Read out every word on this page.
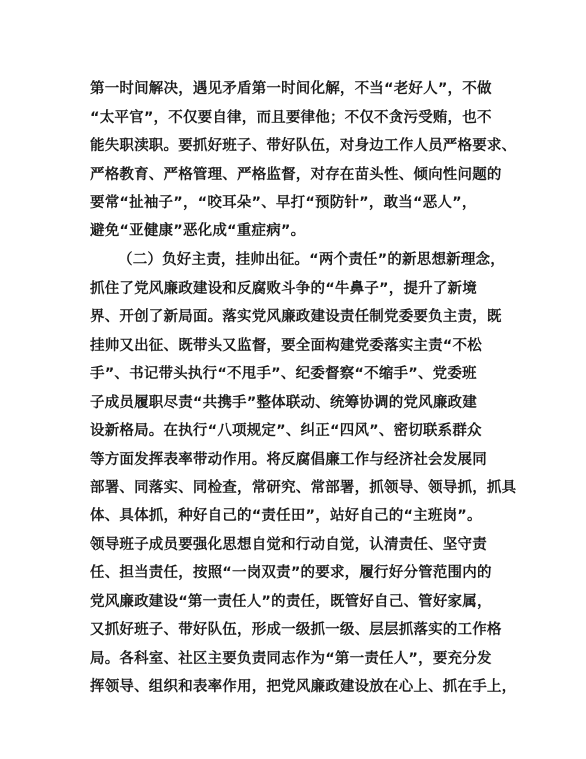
第一时间解决，遇见矛盾第一时间化解，不当“老好人”，不做
“太平官”，不仅要自律，而且要律他；不仅不贪污受贿，也不
能失职渎职。要抓好班子、带好队伍，对身边工作人员严格要求、
严格教育、严格管理、严格监督，对存在苗头性、倾向性问题的
要常“扯袖子”，“咬耳朵”、早打“预防针”，敢当“恶人”，
避免“亚健康”恶化成“重症病”。
（二）负好主责，挂帅出征。“两个责任”的新思想新理念，
抓住了党风廉政建设和反腐败斗争的“牛鼻子”，提升了新境
界、开创了新局面。落实党风廉政建设责任制党委要负主责，既
挂帅又出征、既带头又监督，要全面构建党委落实主责“不松
手”、书记带头执行“不甩手”、纪委督察“不缩手”、党委班
子成员履职尽责“共携手”整体联动、统筹协调的党风廉政建
设新格局。在执行“八项规定”、纠正“四风”、密切联系群众
等方面发挥表率带动作用。将反腐倡廉工作与经济社会发展同
部署、同落实、同检查，常研究、常部署，抓领导、领导抓，抓具
体、具体抓，种好自己的“责任田”，站好自己的“主班岗”。
领导班子成员要强化思想自觉和行动自觉，认清责任、坚守责
任、担当责任，按照“一岗双责”的要求，履行好分管范围内的
党风廉政建设“第一责任人”的责任，既管好自己、管好家属，
又抓好班子、带好队伍，形成一级抓一级、层层抓落实的工作格
局。各科室、社区主要负责同志作为“第一责任人”，要充分发
挥领导、组织和表率作用，把党风廉政建设放在心上、抓在手上，
